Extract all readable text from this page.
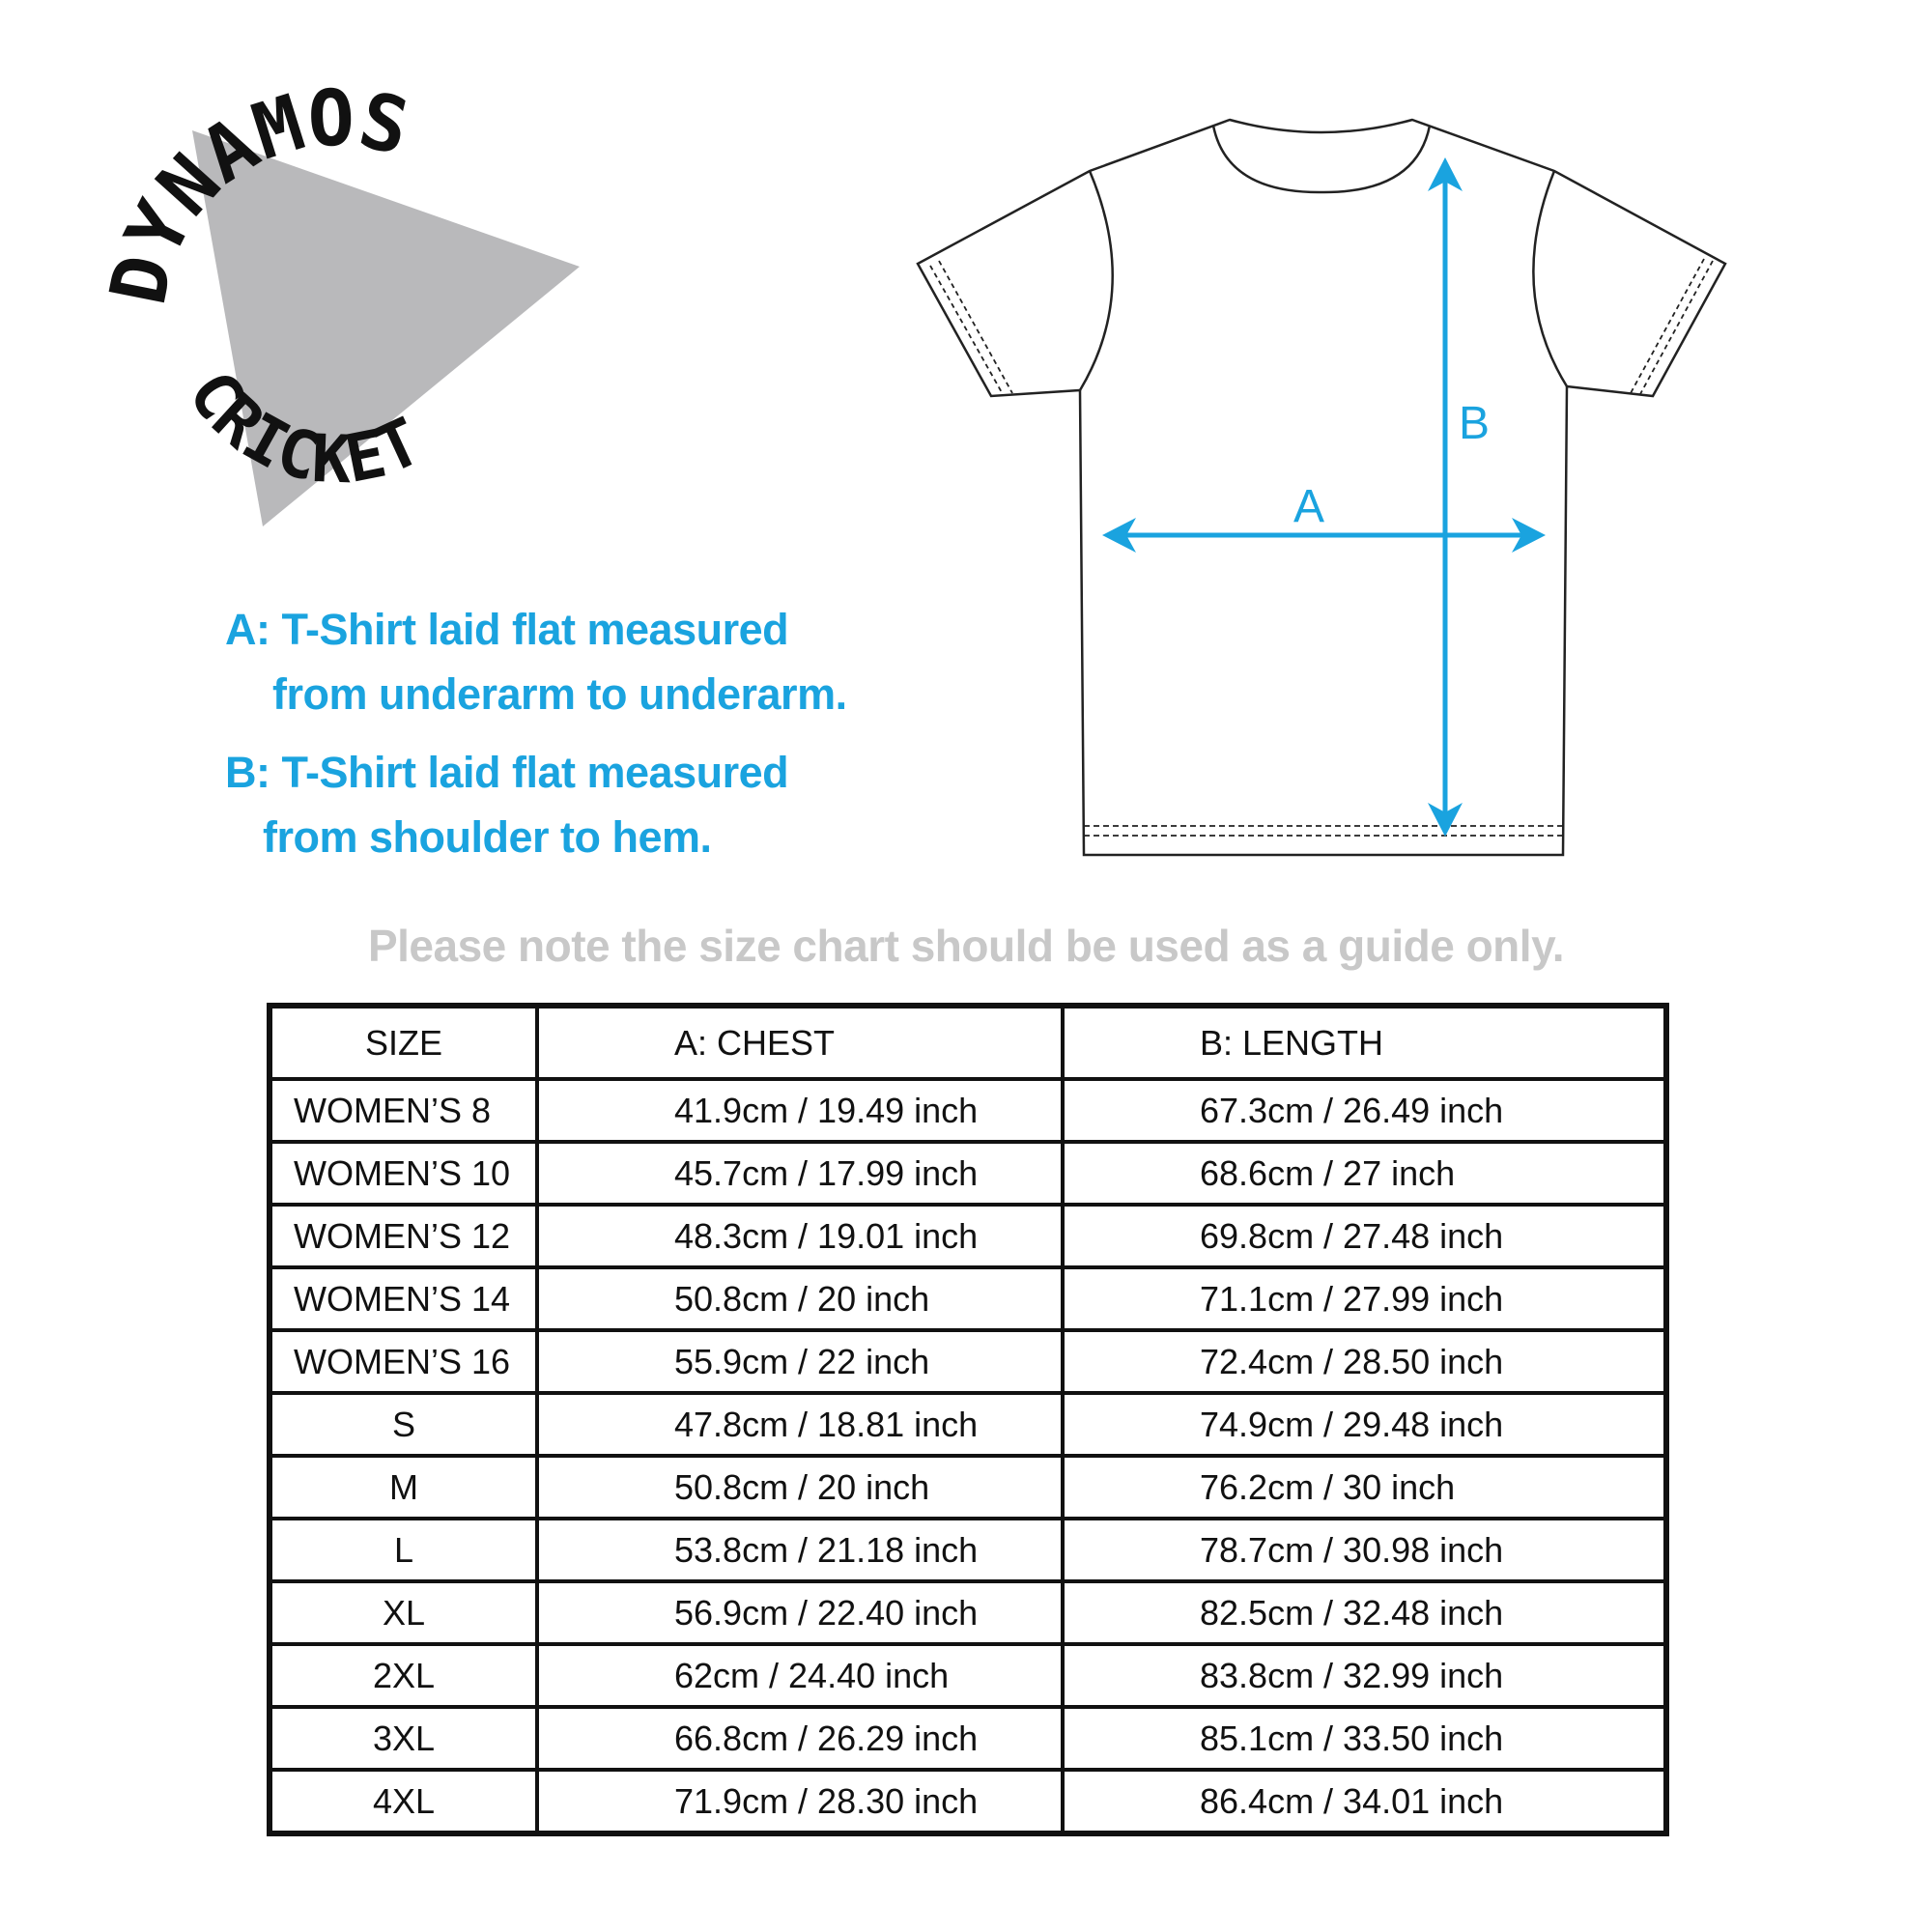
DYNAMOS
CRICKET
A
B
A: T-Shirt laid flat measured
from underarm to underarm.
B: T-Shirt laid flat measured
from shoulder to hem.
Please note the size chart should be used as a guide only.
SIZE	A: CHEST	B: LENGTH
WOMEN’S 8	41.9cm / 19.49 inch	67.3cm / 26.49 inch
WOMEN’S 10	45.7cm / 17.99 inch	68.6cm / 27 inch
WOMEN’S 12	48.3cm / 19.01 inch	69.8cm / 27.48 inch
WOMEN’S 14	50.8cm / 20 inch	71.1cm / 27.99 inch
WOMEN’S 16	55.9cm / 22 inch	72.4cm / 28.50 inch
S	47.8cm / 18.81 inch	74.9cm / 29.48 inch
M	50.8cm / 20 inch	76.2cm / 30 inch
L	53.8cm / 21.18 inch	78.7cm / 30.98 inch
XL	56.9cm / 22.40 inch	82.5cm / 32.48 inch
2XL	62cm / 24.40 inch	83.8cm / 32.99 inch
3XL	66.8cm / 26.29 inch	85.1cm / 33.50 inch
4XL	71.9cm / 28.30 inch	86.4cm / 34.01 inch
